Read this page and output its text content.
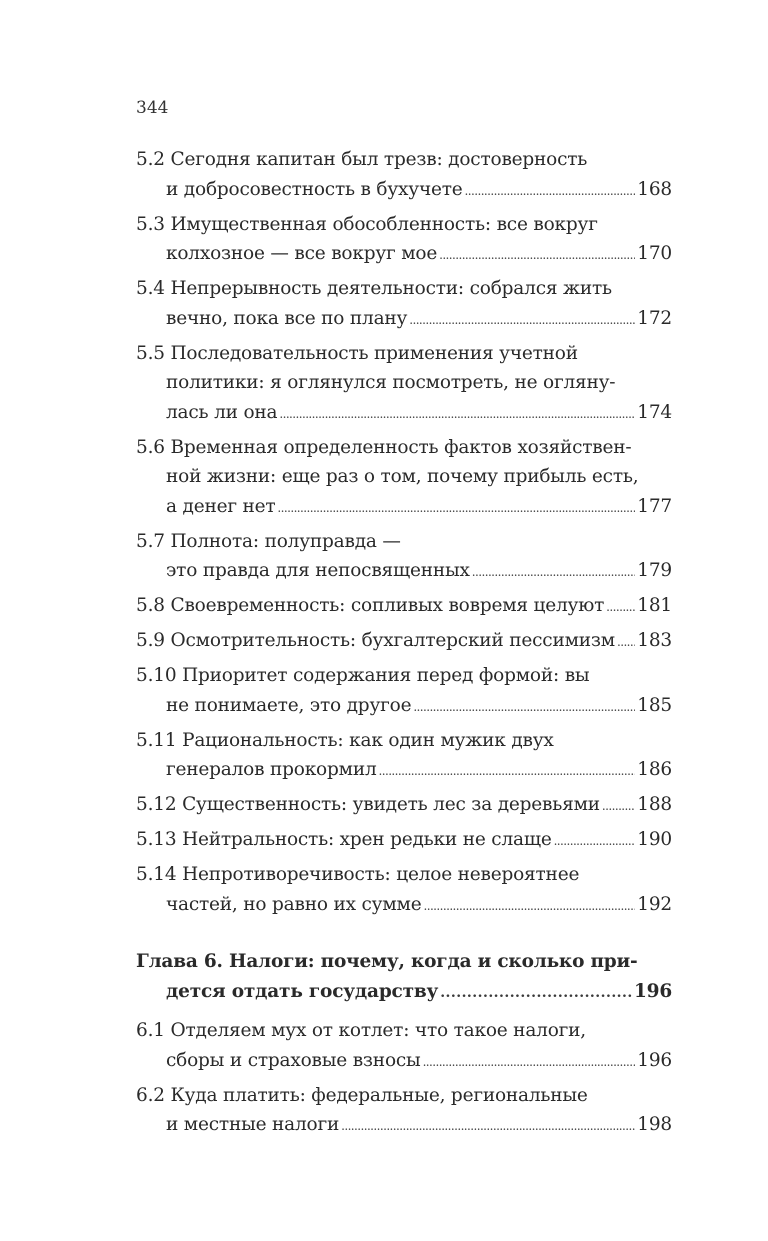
344
5.2 Сегодня капитан был трезв: достоверность
и добросовестность в бухучете . . .	168
5.3 Имущественная обособленность: все вокруг
колхозное — все вокруг мое . . .	170
5.4 Непрерывность деятельности: собрался жить
вечно, пока все по плану . . .	172
5.5 Последовательность применения учетной
политики: я оглянулся посмотреть, не огляну-
лась ли она . . .	174
5.6 Временная определенность фактов хозяйствен-
ной жизни: еще раз о том, почему прибыль есть,
а денег нет . . .	177
5.7 Полнота: полуправда —
это правда для непосвященных . . .	179
5.8 Своевременность: сопливых вовремя целуют . . . 181
5.9 Осмотрительность: бухгалтерский пессимизм . . . 183
5.10 Приоритет содержания перед формой: вы
не понимаете, это другое . . .	185
5.11 Рациональность: как один мужик двух
генералов прокормил . . .	186
5.12 Существенность: увидеть лес за деревьями . . . 188
5.13 Нейтральность: хрен редьки не слаще . . .	190
5.14 Непротиворечивость: целое невероятнее
частей, но равно их сумме . . .	192
Глава 6. Налоги: почему, когда и сколько при-
дется отдать государству . . .	196
6.1 Отделяем мух от котлет: что такое налоги,
сборы и страховые взносы . . .	196
6.2 Куда платить: федеральные, региональные
и местные налоги . . .	198
